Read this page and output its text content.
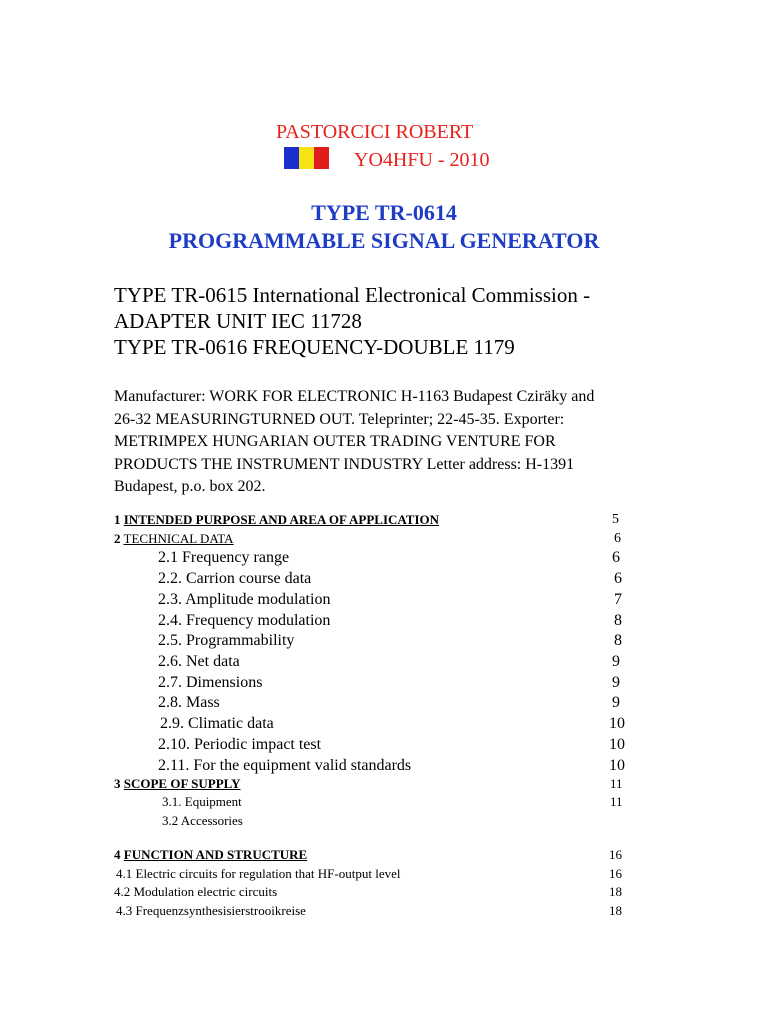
PASTORCICI ROBERT
YO4HFU - 2010
TYPE TR-0614
PROGRAMMABLE SIGNAL GENERATOR
TYPE TR-0615 International Electronical Commission -
ADAPTER UNIT IEC 11728
TYPE TR-0616 FREQUENCY-DOUBLE 1179
Manufacturer: WORK FOR ELECTRONIC H-1163 Budapest Cziräky and
26-32 MEASURINGTURNED OUT. Teleprinter; 22-45-35. Exporter:
METRIMPEX HUNGARIAN OUTER TRADING VENTURE FOR
PRODUCTS THE INSTRUMENT INDUSTRY Letter address: H-1391
Budapest, p.o. box 202.
1 INTENDED PURPOSE AND AREA OF APPLICATION	5
2 TECHNICAL DATA	6
2.1 Frequency range	6
2.2. Carrion course data	6
2.3. Amplitude modulation	7
2.4. Frequency modulation	8
2.5. Programmability	8
2.6. Net data	9
2.7. Dimensions	9
2.8. Mass	9
2.9. Climatic data	10
2.10. Periodic impact test	10
2.11. For the equipment valid standards	10
3 SCOPE OF SUPPLY	11
3.1. Equipment	11
3.2 Accessories
4 FUNCTION AND STRUCTURE	16
4.1 Electric circuits for regulation that HF-output level	16
4.2 Modulation electric circuits	18
4.3 Frequenzsynthesisierstrooikreise	18
